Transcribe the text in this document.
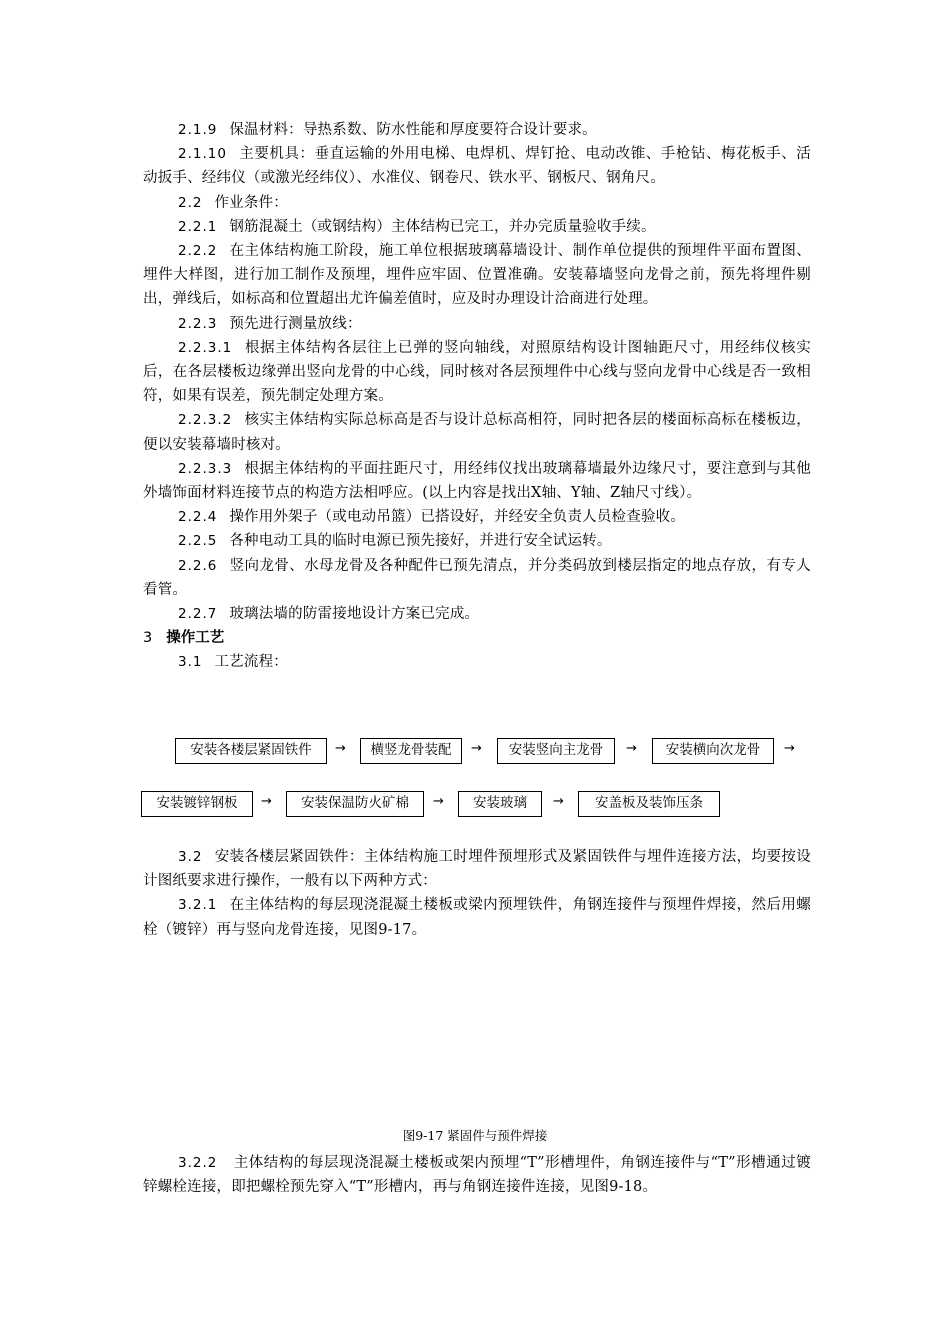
2.1.9 保温材料：导热系数、防水性能和厚度要符合设计要求。

2.1.10 主要机具：垂直运输的外用电梯、电焊机、焊钉抢、电动改锥、手枪钻、梅花板手、活动扳手、经纬仪（或激光经纬仪）、水准仪、钢卷尺、铁水平、钢板尺、钢角尺。

2.2 作业条件：

2.2.1 钢筋混凝土（或钢结构）主体结构已完工，并办完质量验收手续。

2.2.2 在主体结构施工阶段，施工单位根据玻璃幕墙设计、制作单位提供的预埋件平面布置图、埋件大样图，进行加工制作及预埋，埋件应牢固、位置准确。安装幕墙竖向龙骨之前，预先将埋件剔出，弹线后，如标高和位置超出尤许偏差值时，应及时办理设计洽商进行处理。

2.2.3 预先进行测量放线：

2.2.3.1 根据主体结构各层往上已弹的竖向轴线，对照原结构设计图轴距尺寸，用经纬仪核实后，在各层楼板边缘弹出竖向龙骨的中心线，同时核对各层预埋件中心线与竖向龙骨中心线是否一致相符，如果有误差，预先制定处理方案。

2.2.3.2 核实主体结构实际总标高是否与设计总标高相符，同时把各层的楼面标高标在楼板边，便以安装幕墙时核对。

2.2.3.3 根据主体结构的平面拄距尺寸，用经纬仪找出玻璃幕墙最外边缘尺寸，要注意到与其他外墙饰面材料连接节点的构造方法相呼应。(以上内容是找出X轴、Y轴、Z轴尺寸线）。

2.2.4 操作用外架子（或电动吊篮）已搭设好，并经安全负责人员检查验收。

2.2.5 各种电动工具的临时电源已预先接好，并进行安全试运转。

2.2.6 竖向龙骨、水母龙骨及各种配件已预先清点，并分类码放到楼层指定的地点存放，有专人看管。

2.2.7 玻璃法墙的防雷接地设计方案已完成。

3 操作工艺

3.1 工艺流程：

安装各楼层紧固铁件	→	横竖龙骨装配	→	安装竖向主龙骨	→	安装横向次龙骨	→
安装镀锌钢板	→	安装保温防火矿棉	→	安装玻璃	→	安盖板及装饰压条

3.2 安装各楼层紧固铁件：主体结构施工时埋件预埋形式及紧固铁件与埋件连接方法，均要按设计图纸要求进行操作，一般有以下两种方式：

3.2.1 在主体结构的每层现浇混凝土楼板或梁内预埋铁件，角钢连接件与预埋件焊接，然后用螺栓（镀锌）再与竖向龙骨连接，见图9-17。

图9-17 紧固件与预件焊接

3.2.2 主体结构的每层现浇混凝土楼板或架内预埋“T”形槽埋件，角钢连接件与“T”形槽通过镀锌螺栓连接，即把螺栓预先穿入“T”形槽内，再与角钢连接件连接，见图9-18。
